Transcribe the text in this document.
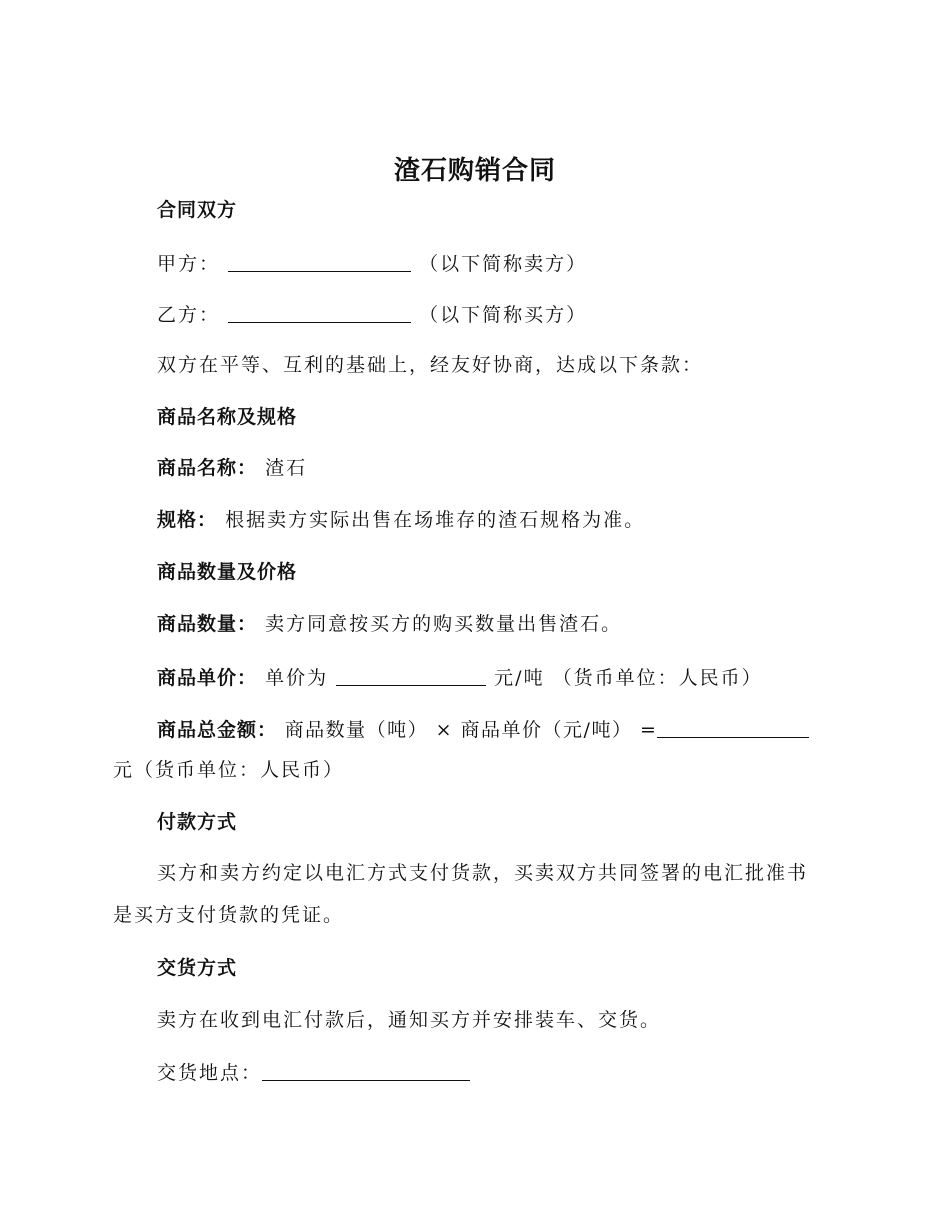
渣石购销合同
合同双方
甲方：	（以下简称卖方）
乙方：	（以下简称买方）
双方在平等、互利的基础上，经友好协商，达成以下条款：
商品名称及规格
商品名称： 渣石
规格： 根据卖方实际出售在场堆存的渣石规格为准。
商品数量及价格
商品数量： 卖方同意按买方的购买数量出售渣石。
商品单价： 单价为	元/吨 （货币单位：人民币）
商品总金额： 商品数量（吨） × 商品单价（元/吨） =
元（货币单位：人民币）
付款方式
买方和卖方约定以电汇方式支付货款，买卖双方共同签署的电汇批准书
是买方支付货款的凭证。
交货方式
卖方在收到电汇付款后，通知买方并安排装车、交货。
交货地点：
